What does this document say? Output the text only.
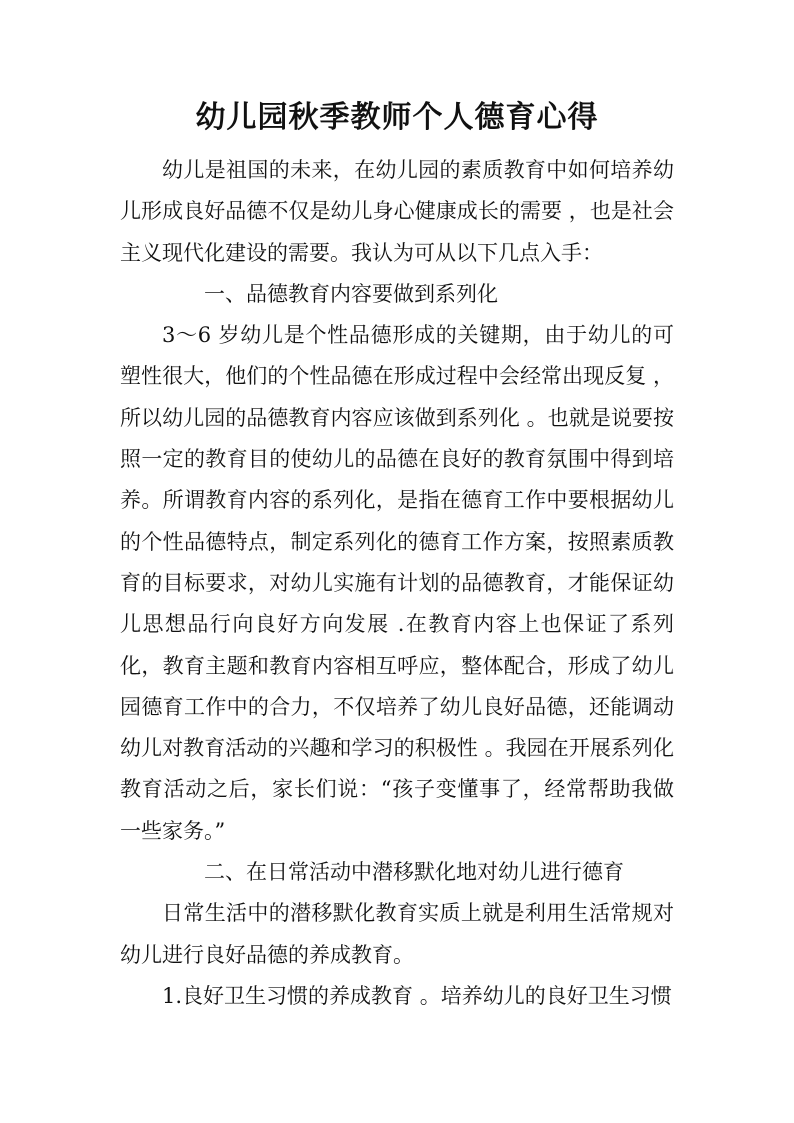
幼儿园秋季教师个人德育心得

幼儿是祖国的未来，在幼儿园的素质教育中如何培养幼儿形成良好品德不仅是幼儿身心健康成长的需要 ，也是社会主义现代化建设的需要。我认为可从以下几点入手：

一、品德教育内容要做到系列化

3～6 岁幼儿是个性品德形成的关键期，由于幼儿的可塑性很大，他们的个性品德在形成过程中会经常出现反复 ，所以幼儿园的品德教育内容应该做到系列化 。也就是说要按照一定的教育目的使幼儿的品德在良好的教育氛围中得到培养。所谓教育内容的系列化，是指在德育工作中要根据幼儿的个性品德特点，制定系列化的德育工作方案，按照素质教育的目标要求，对幼儿实施有计划的品德教育，才能保证幼儿思想品行向良好方向发展 .在教育内容上也保证了系列化，教育主题和教育内容相互呼应，整体配合，形成了幼儿园德育工作中的合力，不仅培养了幼儿良好品德，还能调动幼儿对教育活动的兴趣和学习的积极性 。我园在开展系列化教育活动之后，家长们说：“孩子变懂事了，经常帮助我做一些家务。”

二、在日常活动中潜移默化地对幼儿进行德育

日常生活中的潜移默化教育实质上就是利用生活常规对幼儿进行良好品德的养成教育。

1.良好卫生习惯的养成教育 。培养幼儿的良好卫生习惯
